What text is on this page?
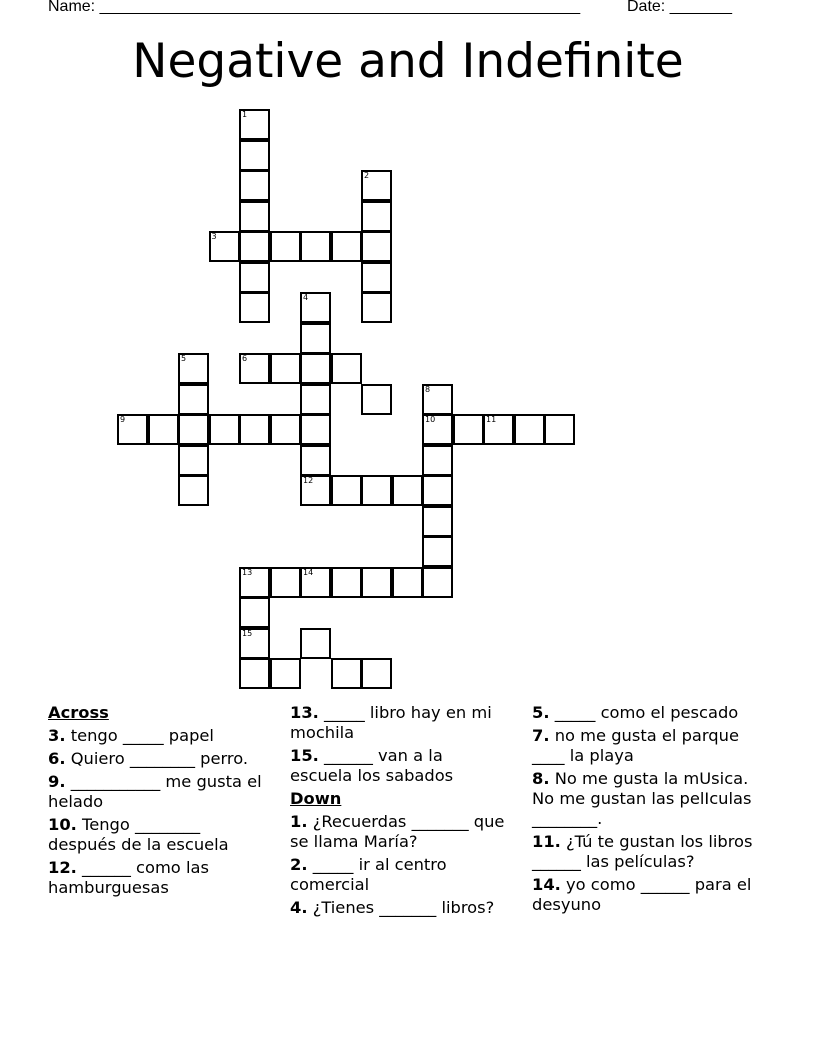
Name: ______________________________________________________	Date: _______
Negative and Indefinite
1
2
3
4
12
5	6
9
8
10	11
13	14
15
Across
3. tengo _____ papel
6. Quiero ________ perro.
9. ___________ me gusta el helado
10. Tengo ________ después de la escuela
12. ______ como las hamburguesas
13. _____ libro hay en mi mochila
15. ______ van a la escuela los sabados
Down
1. ¿Recuerdas _______ que se llama María?
2. _____ ir al centro comercial
4. ¿Tienes _______ libros?
5. _____ como el pescado
7. no me gusta el parque ____ la playa
8. No me gusta la mUsica. No me gustan las pelIculas ________.
11. ¿Tú te gustan los libros ______ las películas?
14. yo como ______ para el desyuno
